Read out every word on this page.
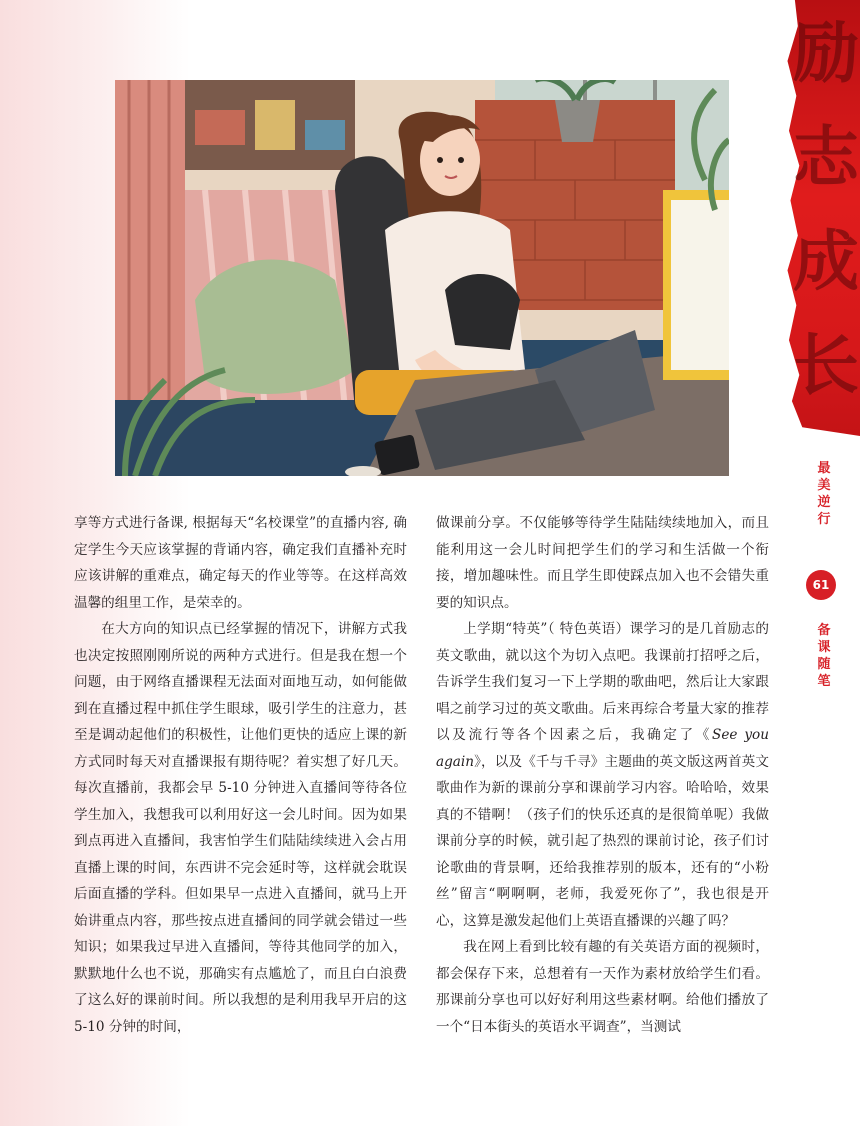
励
志
成
长
最美逆行
61
备课随笔

享等方式进行备课, 根据每天“名校课堂”的直播内容, 确定学生今天应该掌握的背诵内容，确定我们直播补充时应该讲解的重难点，确定每天的作业等等。在这样高效温馨的组里工作，是荣幸的。

在大方向的知识点已经掌握的情况下，讲解方式我也决定按照刚刚所说的两种方式进行。但是我在想一个问题，由于网络直播课程无法面对面地互动，如何能做到在直播过程中抓住学生眼球，吸引学生的注意力，甚至是调动起他们的积极性，让他们更快的适应上课的新方式同时每天对直播课报有期待呢？着实想了好几天。每次直播前，我都会早 5-10 分钟进入直播间等待各位学生加入，我想我可以利用好这一会儿时间。因为如果到点再进入直播间，我害怕学生们陆陆续续进入会占用直播上课的时间，东西讲不完会延时等，这样就会耽误后面直播的学科。但如果早一点进入直播间，就马上开始讲重点内容，那些按点进直播间的同学就会错过一些知识；如果我过早进入直播间，等待其他同学的加入，默默地什么也不说，那确实有点尴尬了，而且白白浪费了这么好的课前时间。所以我想的是利用我早开启的这 5-10 分钟的时间，

做课前分享。不仅能够等待学生陆陆续续地加入，而且能利用这一会儿时间把学生们的学习和生活做一个衔接，增加趣味性。而且学生即使踩点加入也不会错失重要的知识点。

上学期“特英”（ 特色英语）课学习的是几首励志的英文歌曲，就以这个为切入点吧。我课前打招呼之后，告诉学生我们复习一下上学期的歌曲吧，然后让大家跟唱之前学习过的英文歌曲。后来再综合考量大家的推荐以及流行等各个因素之后，我确定了《See you again》，以及《千与千寻》主题曲的英文版这两首英文歌曲作为新的课前分享和课前学习内容。哈哈哈，效果真的不错啊！（孩子们的快乐还真的是很简单呢）我做课前分享的时候，就引起了热烈的课前讨论，孩子们讨论歌曲的背景啊，还给我推荐别的版本，还有的“小粉丝”留言“啊啊啊，老师，我爱死你了”，我也很是开心，这算是激发起他们上英语直播课的兴趣了吗？

我在网上看到比较有趣的有关英语方面的视频时，都会保存下来，总想着有一天作为素材放给学生们看。那课前分享也可以好好利用这些素材啊。给他们播放了一个“日本街头的英语水平调查”，当测试
